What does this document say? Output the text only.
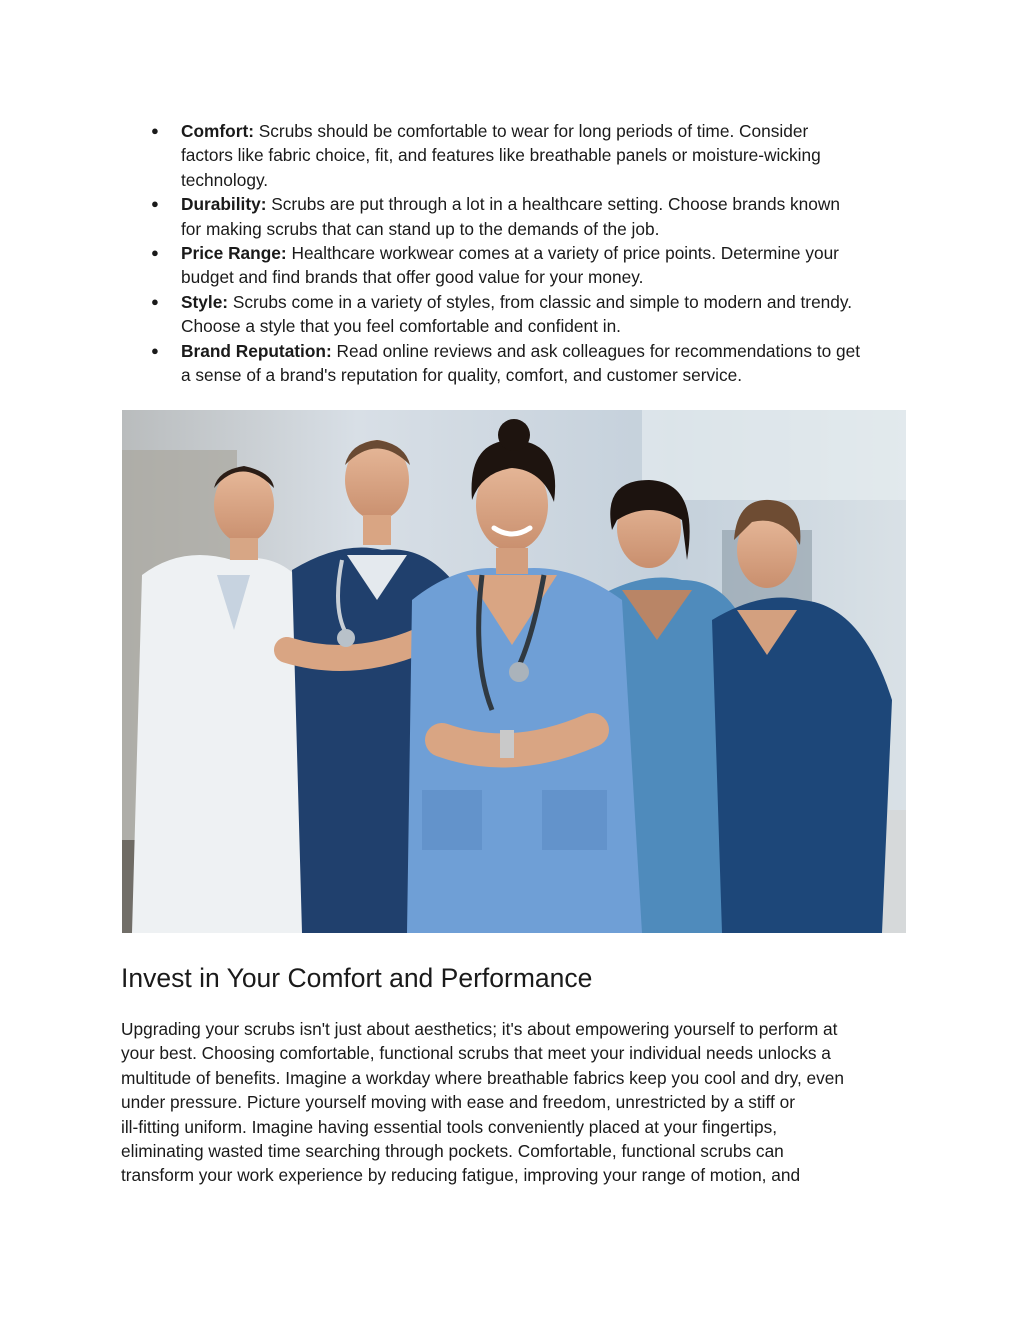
●	Comfort: Scrubs should be comfortable to wear for long periods of time. Consider
factors like fabric choice, fit, and features like breathable panels or moisture-wicking
technology.
●	Durability: Scrubs are put through a lot in a healthcare setting. Choose brands known
for making scrubs that can stand up to the demands of the job.
●	Price Range: Healthcare workwear comes at a variety of price points. Determine your
budget and find brands that offer good value for your money.
●	Style: Scrubs come in a variety of styles, from classic and simple to modern and trendy.
Choose a style that you feel comfortable and confident in.
●	Brand Reputation: Read online reviews and ask colleagues for recommendations to get
a sense of a brand's reputation for quality, comfort, and customer service.
Invest in Your Comfort and Performance

Upgrading your scrubs isn't just about aesthetics; it's about empowering yourself to perform at
your best. Choosing comfortable, functional scrubs that meet your individual needs unlocks a
multitude of benefits. Imagine a workday where breathable fabrics keep you cool and dry, even
under pressure. Picture yourself moving with ease and freedom, unrestricted by a stiff or
ill-fitting uniform. Imagine having essential tools conveniently placed at your fingertips,
eliminating wasted time searching through pockets. Comfortable, functional scrubs can
transform your work experience by reducing fatigue, improving your range of motion, and
